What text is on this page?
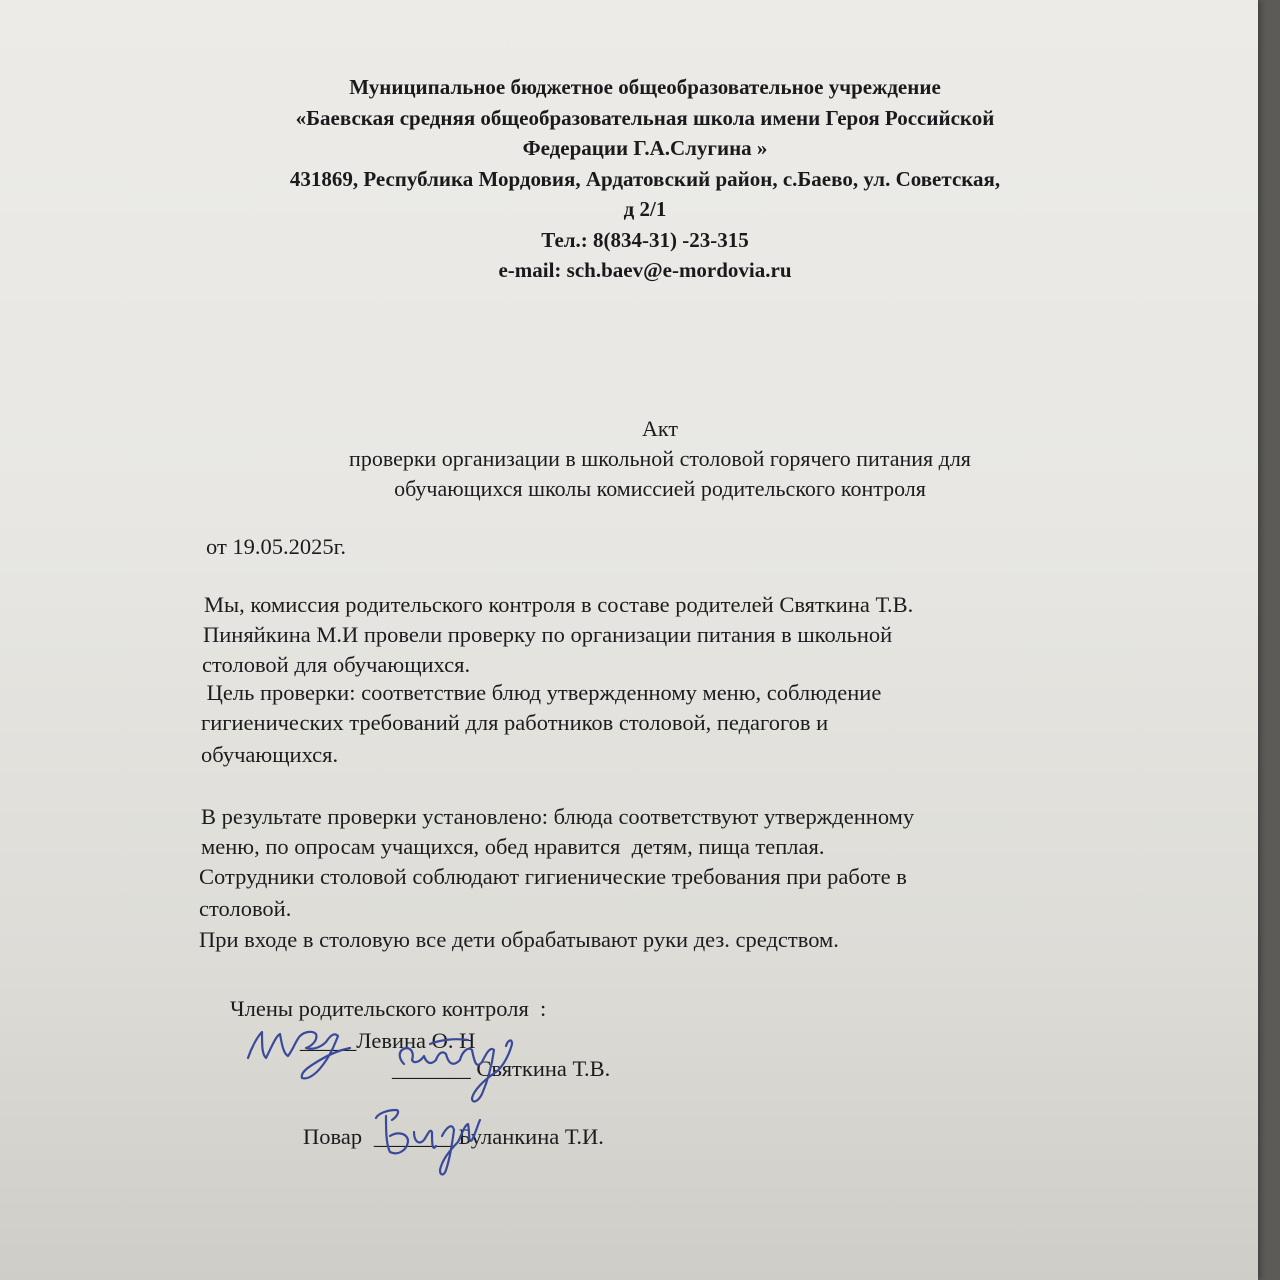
Муниципальное бюджетное общеобразовательное учреждение
«Баевская средняя общеобразовательная школа имени Героя Российской
Федерации Г.А.Слугина »
431869, Республика Мордовия, Ардатовский район, с.Баево, ул. Советская,
д 2/1
Тел.: 8(834-31) -23-315
e-mail: sch.baev@e-mordovia.ru
Акт
проверки организации в школьной столовой горячего питания для
обучающихся школы комиссией родительского контроля
от 19.05.2025г.
Мы, комиссия родительского контроля в составе родителей Святкина Т.В.
Пиняйкина М.И провели проверку по организации питания в школьной
столовой для обучающихся.
Цель проверки: соответствие блюд утвержденному меню, соблюдение
гигиенических требований для работников столовой, педагогов и
обучающихся.
В результате проверки установлено: блюда соответствуют утвержденному
меню, по опросам учащихся, обед нравится  детям, пища теплая.
Сотрудники столовой соблюдают гигиенические требования при работе в
столовой.
При входе в столовую все дети обрабатывают руки дез. средством.
Члены родительского контроля  :
_____Левина О. Н
_______ Святкина Т.В.
Повар _______ Буланкина Т.И.
